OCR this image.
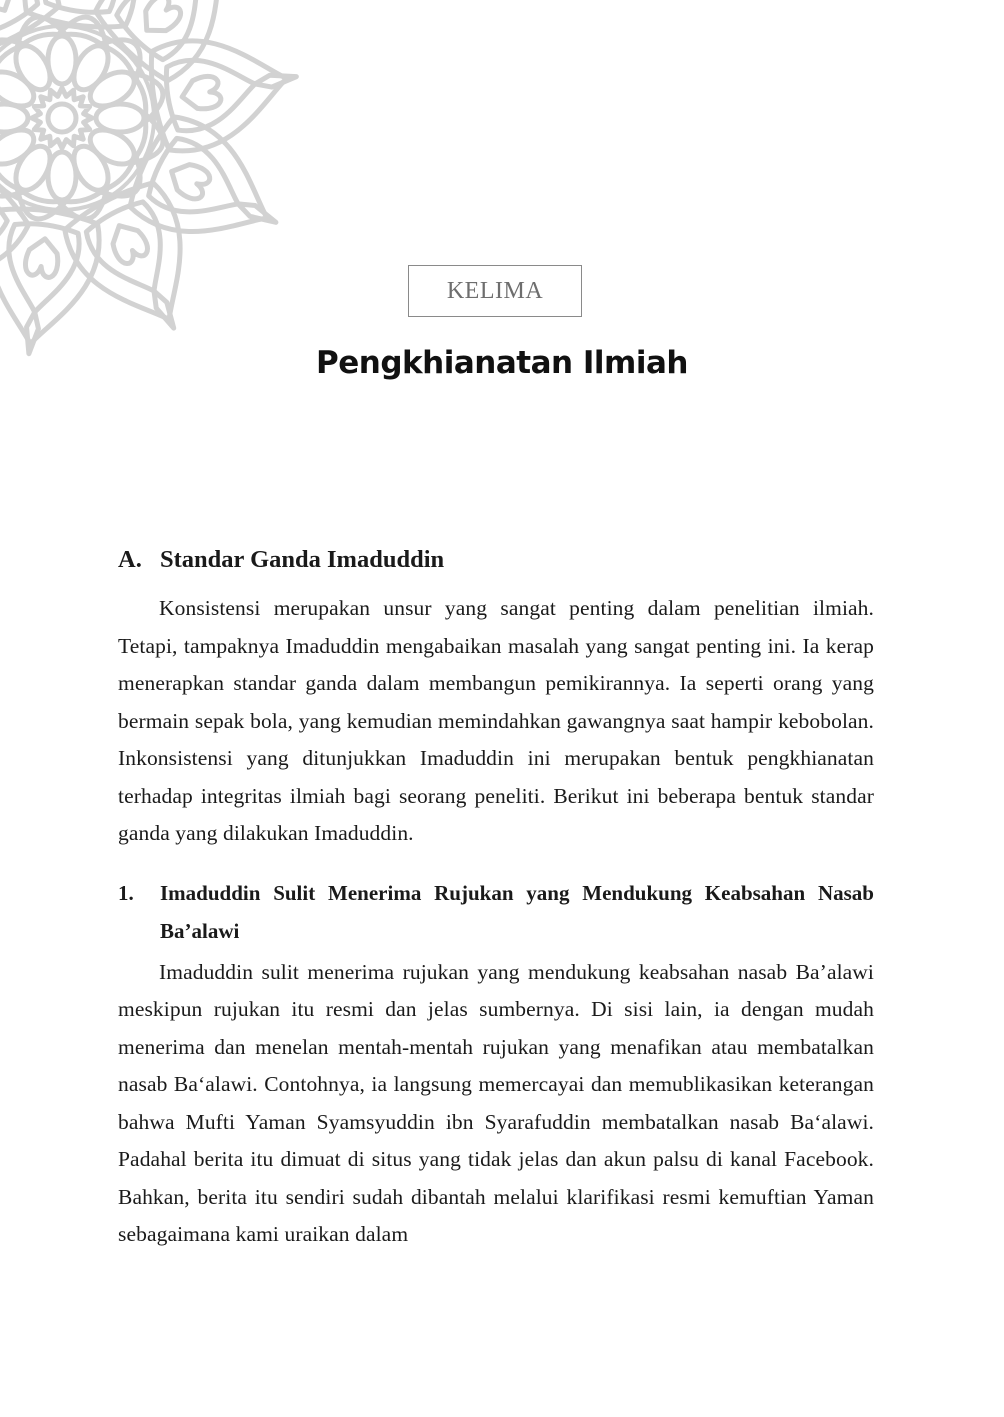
KELIMA
Pengkhianatan Ilmiah
A. Standar Ganda Imaduddin

Konsistensi merupakan unsur yang sangat penting dalam penelitian ilmiah. Tetapi, tampaknya Imaduddin mengabaikan masalah yang sangat penting ini. Ia kerap menerapkan standar ganda dalam membangun pemikirannya. Ia seperti orang yang bermain sepak bola, yang kemudian memindahkan gawangnya saat hampir kebobolan. Inkonsistensi yang ditunjukkan Imaduddin ini merupakan bentuk pengkhianatan terhadap integritas ilmiah bagi seorang peneliti. Berikut ini beberapa bentuk standar ganda yang dilakukan Imaduddin.

1.	Imaduddin Sulit Menerima Rujukan yang Mendukung Keabsahan Nasab Ba’alawi

Imaduddin sulit menerima rujukan yang mendukung keabsahan nasab Ba’alawi meskipun rujukan itu resmi dan jelas sumbernya. Di sisi lain, ia dengan mudah menerima dan menelan mentah-mentah rujukan yang menafikan atau membatalkan nasab Ba‘alawi. Contohnya, ia langsung memercayai dan memublikasikan keterangan bahwa Mufti Yaman Syamsyuddin ibn Syarafuddin membatalkan nasab Ba‘alawi. Padahal berita itu dimuat di situs yang tidak jelas dan akun palsu di kanal Facebook. Bahkan, berita itu sendiri sudah dibantah melalui klarifikasi resmi kemuftian Yaman sebagaimana kami uraikan dalam
